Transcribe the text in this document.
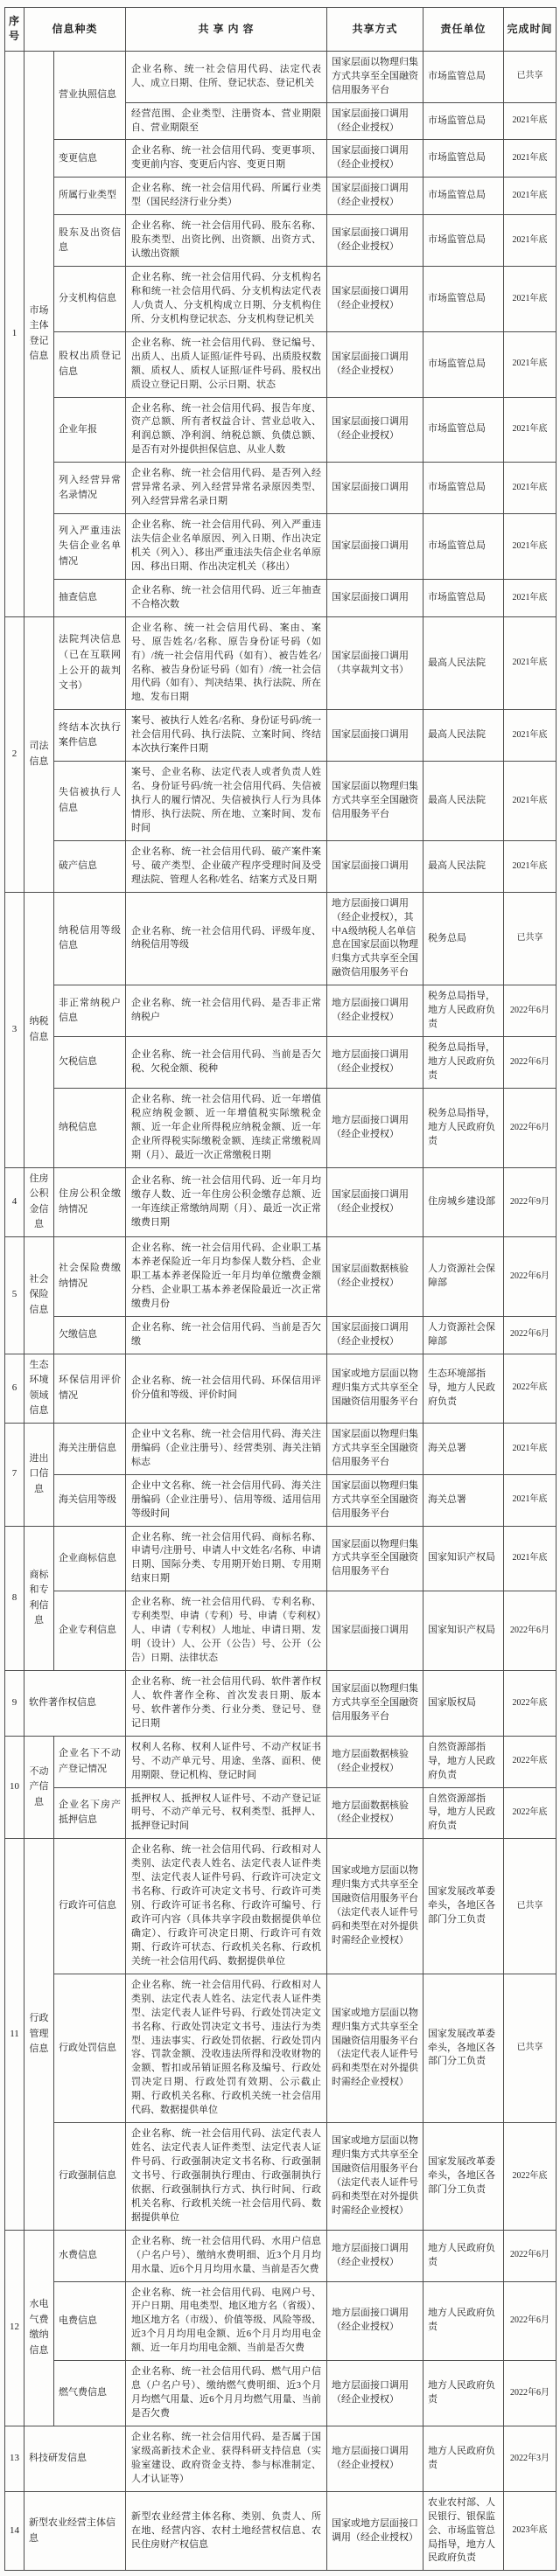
序号	信息种类		共 享 内 容	共享方式	责任单位	完成时间
1	市场主体登记信息	营业执照信息	企业名称、统一社会信用代码、法定代表人、成立日期、住所、登记状态、登记机关	国家层面以物理归集方式共享至全国融资信用服务平台	市场监管总局	已共享
			经营范围、企业类型、注册资本、营业期限自、营业期限至	国家层面接口调用（经企业授权）	市场监管总局	2021年底
		变更信息	企业名称、统一社会信用代码、变更事项、变更前内容、变更后内容、变更日期	国家层面接口调用（经企业授权）	市场监管总局	2021年底
		所属行业类型	企业名称、统一社会信用代码、所属行业类型（国民经济行业分类）	国家层面接口调用（经企业授权）	市场监管总局	2021年底
		股东及出资信息	企业名称、统一社会信用代码、股东名称、股东类型、出资比例、出资额、出资方式、认缴出资额	国家层面接口调用（经企业授权）	市场监管总局	2021年底
		分支机构信息	企业名称、统一社会信用代码、分支机构名称和统一社会信用代码、分支机构法定代表人/负责人、分支机构成立日期、分支机构住所、分支机构登记状态、分支机构登记机关	国家层面接口调用（经企业授权）	市场监管总局	2021年底
		股权出质登记信息	企业名称、统一社会信用代码、登记编号、出质人、出质人证照/证件号码、出质股权数额、质权人、质权人证照/证件号码、股权出质设立登记日期、公示日期、状态	国家层面接口调用（经企业授权）	市场监管总局	2021年底
		企业年报	企业名称、统一社会信用代码、报告年度、资产总额、所有者权益合计、营业总收入、利润总额、净利润、纳税总额、负债总额、是否有对外提供担保信息、从业人数	国家层面接口调用（经企业授权）	市场监管总局	2021年底
		列入经营异常名录情况	企业名称、统一社会信用代码、是否列入经营异常名录、列入经营异常名录原因类型、列入经营异常名录日期	国家层面接口调用	市场监管总局	2021年底
		列入严重违法失信企业名单情况	企业名称、统一社会信用代码、列入严重违法失信企业名单原因、列入日期、作出决定机关（列入）、移出严重违法失信企业名单原因、移出日期、作出决定机关（移出）	国家层面接口调用	市场监管总局	2021年底
		抽查信息	企业名称、统一社会信用代码、近三年抽查不合格次数	国家层面接口调用	市场监管总局	2021年底
2	司法信息	法院判决信息（已在互联网上公开的裁判文书）	企业名称、统一社会信用代码、案由、案号、原告姓名/名称、原告身份证号码（如有）/统一社会信用代码（如有）、被告姓名/名称、被告身份证号码（如有）/统一社会信用代码（如有）、判决结果、执行法院、所在地、发布日期	国家层面接口调用（共享裁判文书）	最高人民法院	2021年底
		终结本次执行案件信息	案号、被执行人姓名/名称、身份证号码/统一社会信用代码、执行法院、立案时间、终结本次执行案件日期	国家层面接口调用	最高人民法院	2021年底
		失信被执行人信息	案号、企业名称、法定代表人或者负责人姓名、身份证号码/统一社会信用代码、失信被执行人的履行情况、失信被执行人行为具体情形、执行法院、所在地、立案时间、发布时间	国家层面以物理归集方式共享至全国融资信用服务平台	最高人民法院	2021年底
		破产信息	企业名称、统一社会信用代码、破产案件案号、破产类型、企业破产程序受理时间及受理法院、管理人名称/姓名、结案方式及日期	国家层面接口调用	最高人民法院	2021年底
3	纳税信息	纳税信用等级信息	企业名称、统一社会信用代码、评级年度、纳税信用等级	地方层面接口调用（经企业授权），其中A级纳税人名单信息在国家层面以物理归集方式共享至全国融资信用服务平台	税务总局	已共享
		非正常纳税户信息	企业名称、统一社会信用代码、是否非正常纳税户	地方层面接口调用（经企业授权）	税务总局指导，地方人民政府负责	2022年6月
		欠税信息	企业名称、统一社会信用代码、当前是否欠税、欠税金额、税种	地方层面接口调用（经企业授权）	税务总局指导，地方人民政府负责	2022年6月
		纳税信息	企业名称、统一社会信用代码、近一年增值税应纳税金额、近一年增值税实际缴税金额、近一年企业所得税应纳税金额、近一年企业所得税实际缴税金额、连续正常缴税周期（月）、最近一次正常缴税日期	地方层面接口调用（经企业授权）	税务总局指导，地方人民政府负责	2022年6月
4	住房公积金信息	住房公积金缴纳情况	企业名称、统一社会信用代码、近一年月均缴存人数、近一年住房公积金缴存总额、近一年连续正常缴纳周期（月）、最近一次正常缴费日期	国家层面接口调用（经企业授权）	住房城乡建设部	2022年9月
5	社会保险信息	社会保险费缴纳情况	企业名称、统一社会信用代码、企业职工基本养老保险近一年月均参保人数分档、企业职工基本养老保险近一年月均单位缴费金额分档、企业职工基本养老保险最近一次正常缴费月份	国家层面数据核验（经企业授权）	人力资源社会保障部	2022年6月
		欠缴信息	企业名称、统一社会信用代码、当前是否欠缴	国家层面接口调用（经企业授权）	人力资源社会保障部	2022年6月
6	生态环境领域信息	环保信用评价情况	企业名称、统一社会信用代码、环保信用评价分值和等级、评价时间	国家或地方层面以物理归集方式共享至全国融资信用服务平台	生态环境部指导，地方人民政府负责	2022年底
7	进出口信息	海关注册信息	企业中文名称、统一社会信用代码、海关注册编码（企业注册号）、经营类别、海关注销标志	国家层面以物理归集方式共享至全国融资信用服务平台	海关总署	2021年底
		海关信用等级	企业中文名称、统一社会信用代码、海关注册编码（企业注册号）、信用等级、适用信用等级时间	国家层面以物理归集方式共享至全国融资信用服务平台	海关总署	2021年底
8	商标和专利信息	企业商标信息	企业名称、统一社会信用代码、商标名称、申请号/注册号、申请人中文姓名/名称、申请日期、国际分类、专用期开始日期、专用期结束日期	国家层面以物理归集方式共享至全国融资信用服务平台	国家知识产权局	2021年底
		企业专利信息	企业名称、统一社会信用代码、专利名称、专利类型、申请（专利）号、申请（专利权）人、申请（专利权）人地址、申请日期、发明（设计）人、公开（公告）号、公开（公告）日期、法律状态	国家层面接口调用	国家知识产权局	2022年6月
9	软件著作权信息		企业名称、统一社会信用代码、软件著作权人、软件著作全称、首次发表日期、版本号、软件著作分类、行业分类、登记号、登记日期	国家层面以物理归集方式共享至全国融资信用服务平台	国家版权局	2022年底
10	不动产信息	企业名下不动产登记情况	权利人名称、权利人证件号、不动产权证书号、不动产单元号、用途、坐落、面积、使用期限、登记机构、登记时间	地方层面数据核验（经企业授权）	自然资源部指导，地方人民政府负责	2022年底
		企业名下房产抵押信息	抵押权人、抵押权人证件号、不动产登记证明号、不动产单元号、权利类型、抵押人、抵押登记时间	地方层面数据核验（经企业授权）	自然资源部指导，地方人民政府负责	2022年底
11	行政管理信息	行政许可信息	企业名称、统一社会信用代码、行政相对人类别、法定代表人姓名、法定代表人证件类型、法定代表人证件号码、行政许可决定文书名称、行政许可决定文书号、行政许可类别、行政许可证书名称、行政许可编号、行政许可内容（具体共享字段由数据提供单位确定）、行政许可决定日期、行政许可有效期、行政许可状态、行政机关名称、行政机关统一社会信用代码、数据提供单位	国家或地方层面以物理归集方式共享至全国融资信用服务平台（法定代表人证件号码和类型在对外提供时需经企业授权）	国家发展改革委牵头，各地区各部门分工负责	已共享
		行政处罚信息	企业名称、统一社会信用代码、行政相对人类别、法定代表人姓名、法定代表人证件类型、法定代表人证件号码、行政处罚决定文书名称、行政处罚决定文书号、违法行为类型、违法事实、行政处罚依据、行政处罚内容、罚款金额、没收违法所得和没收财物的金额、暂扣或吊销证照名称及编号、行政处罚决定日期、行政处罚有效期、公示截止期、行政机关名称、行政机关统一社会信用代码、数据提供单位	国家或地方层面以物理归集方式共享至全国融资信用服务平台（法定代表人证件号码和类型在对外提供时需经企业授权）	国家发展改革委牵头，各地区各部门分工负责	已共享
		行政强制信息	企业名称、统一社会信用代码、法定代表人姓名、法定代表人证件类型、法定代表人证件号码、行政强制决定文书名称、行政强制文书号、行政强制执行理由、行政强制执行依据、行政强制执行方式、执行时间、行政机关名称、行政机关统一社会信用代码、数据提供单位	国家或地方层面以物理归集方式共享至全国融资信用服务平台（法定代表人证件号码和类型在对外提供时需经企业授权）	国家发展改革委牵头，各地区各部门分工负责	2022年底
12	水电气费缴纳信息	水费信息	企业名称、统一社会信用代码、水用户信息（户名户号）、缴纳水费明细、近3个月月均用水量、近6个月月均用水量、当前是否欠费	地方层面接口调用（经企业授权）	地方人民政府负责	2022年6月
		电费信息	企业名称、统一社会信用代码、电网户号、开户日期、用电类型、地区地方名（省级）、地区地方名（市级）、价值等级、风险等级、近3个月月均用电金额、近6个月月均用电金额、近一年月均用电金额、当前是否欠费	地方层面接口调用（经企业授权）	地方人民政府负责	2022年6月
		燃气费信息	企业名称、统一社会信用代码、燃气用户信息（户名户号）、缴纳燃气费明细、近3个月月均燃气用量、近6个月月均燃气用量、当前是否欠费	地方层面接口调用（经企业授权）	地方人民政府负责	2022年6月
13	科技研发信息		企业名称、统一社会信用代码、是否属于国家级高新技术企业、获得科研支持信息（实验室建设、政府资金支持、参与标准制定、人才认证等）	地方层面接口调用（经企业授权）	地方人民政府负责	2022年3月
14	新型农业经营主体信息		新型农业经营主体名称、类别、负责人、所在地、经营内容、农村土地经营权信息、农民住房财产权信息	国家或地方层面接口调用（经企业授权）	农业农村部、人民银行、银保监会、市场监管总局指导，地方人民政府负责	2023年底
